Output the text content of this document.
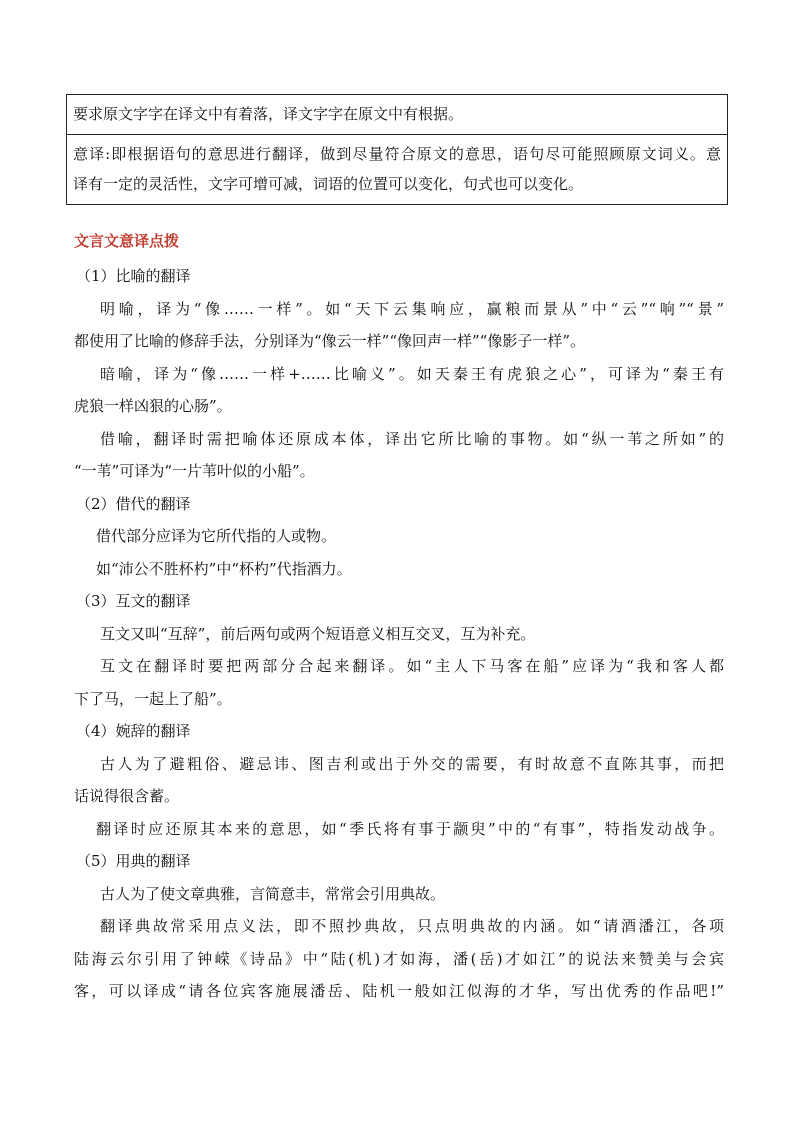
要求原文字字在译文中有着落，译文字字在原文中有根据。
意译:即根据语句的意思进行翻译，做到尽量符合原文的意思，语句尽可能照顾原文词义。意
译有一定的灵活性，文字可增可减，词语的位置可以变化，句式也可以变化。
文言文意译点拨
（1）比喻的翻译
明喻，译为“像……一样”。如“天下云集响应，赢粮而景从”中“云”“响”“景”
都使用了比喻的修辞手法，分别译为“像云一样”“像回声一样”“像影子一样”。
暗喻，译为“像……一样+……比喻义”。如天秦王有虎狼之心”，可译为“秦王有
虎狼一样凶狠的心肠”。
借喻，翻译时需把喻体还原成本体，译出它所比喻的事物。如“纵一苇之所如”的
“一苇”可译为“一片苇叶似的小船”。
（2）借代的翻译
借代部分应译为它所代指的人或物。
如“沛公不胜杯杓”中“杯杓”代指酒力。
（3）互文的翻译
互文又叫“互辞”，前后两句或两个短语意义相互交叉，互为补充。
互文在翻译时要把两部分合起来翻译。如“主人下马客在船”应译为“我和客人都
下了马，一起上了船”。
（4）婉辞的翻译
古人为了避粗俗、避忌讳、图吉利或出于外交的需要，有时故意不直陈其事，而把
话说得很含蓄。
翻译时应还原其本来的意思，如“季氏将有事于颛臾”中的“有事”，特指发动战争。
（5）用典的翻译
古人为了使文章典雅，言简意丰，常常会引用典故。
翻译典故常采用点义法，即不照抄典故，只点明典故的内涵。如“请酒潘江，各项
陆海云尔引用了钟嵘《诗品》中“陆(机)才如海，潘(岳)才如江”的说法来赞美与会宾
客，可以译成“请各位宾客施展潘岳、陆机一般如江似海的才华，写出优秀的作品吧!”
